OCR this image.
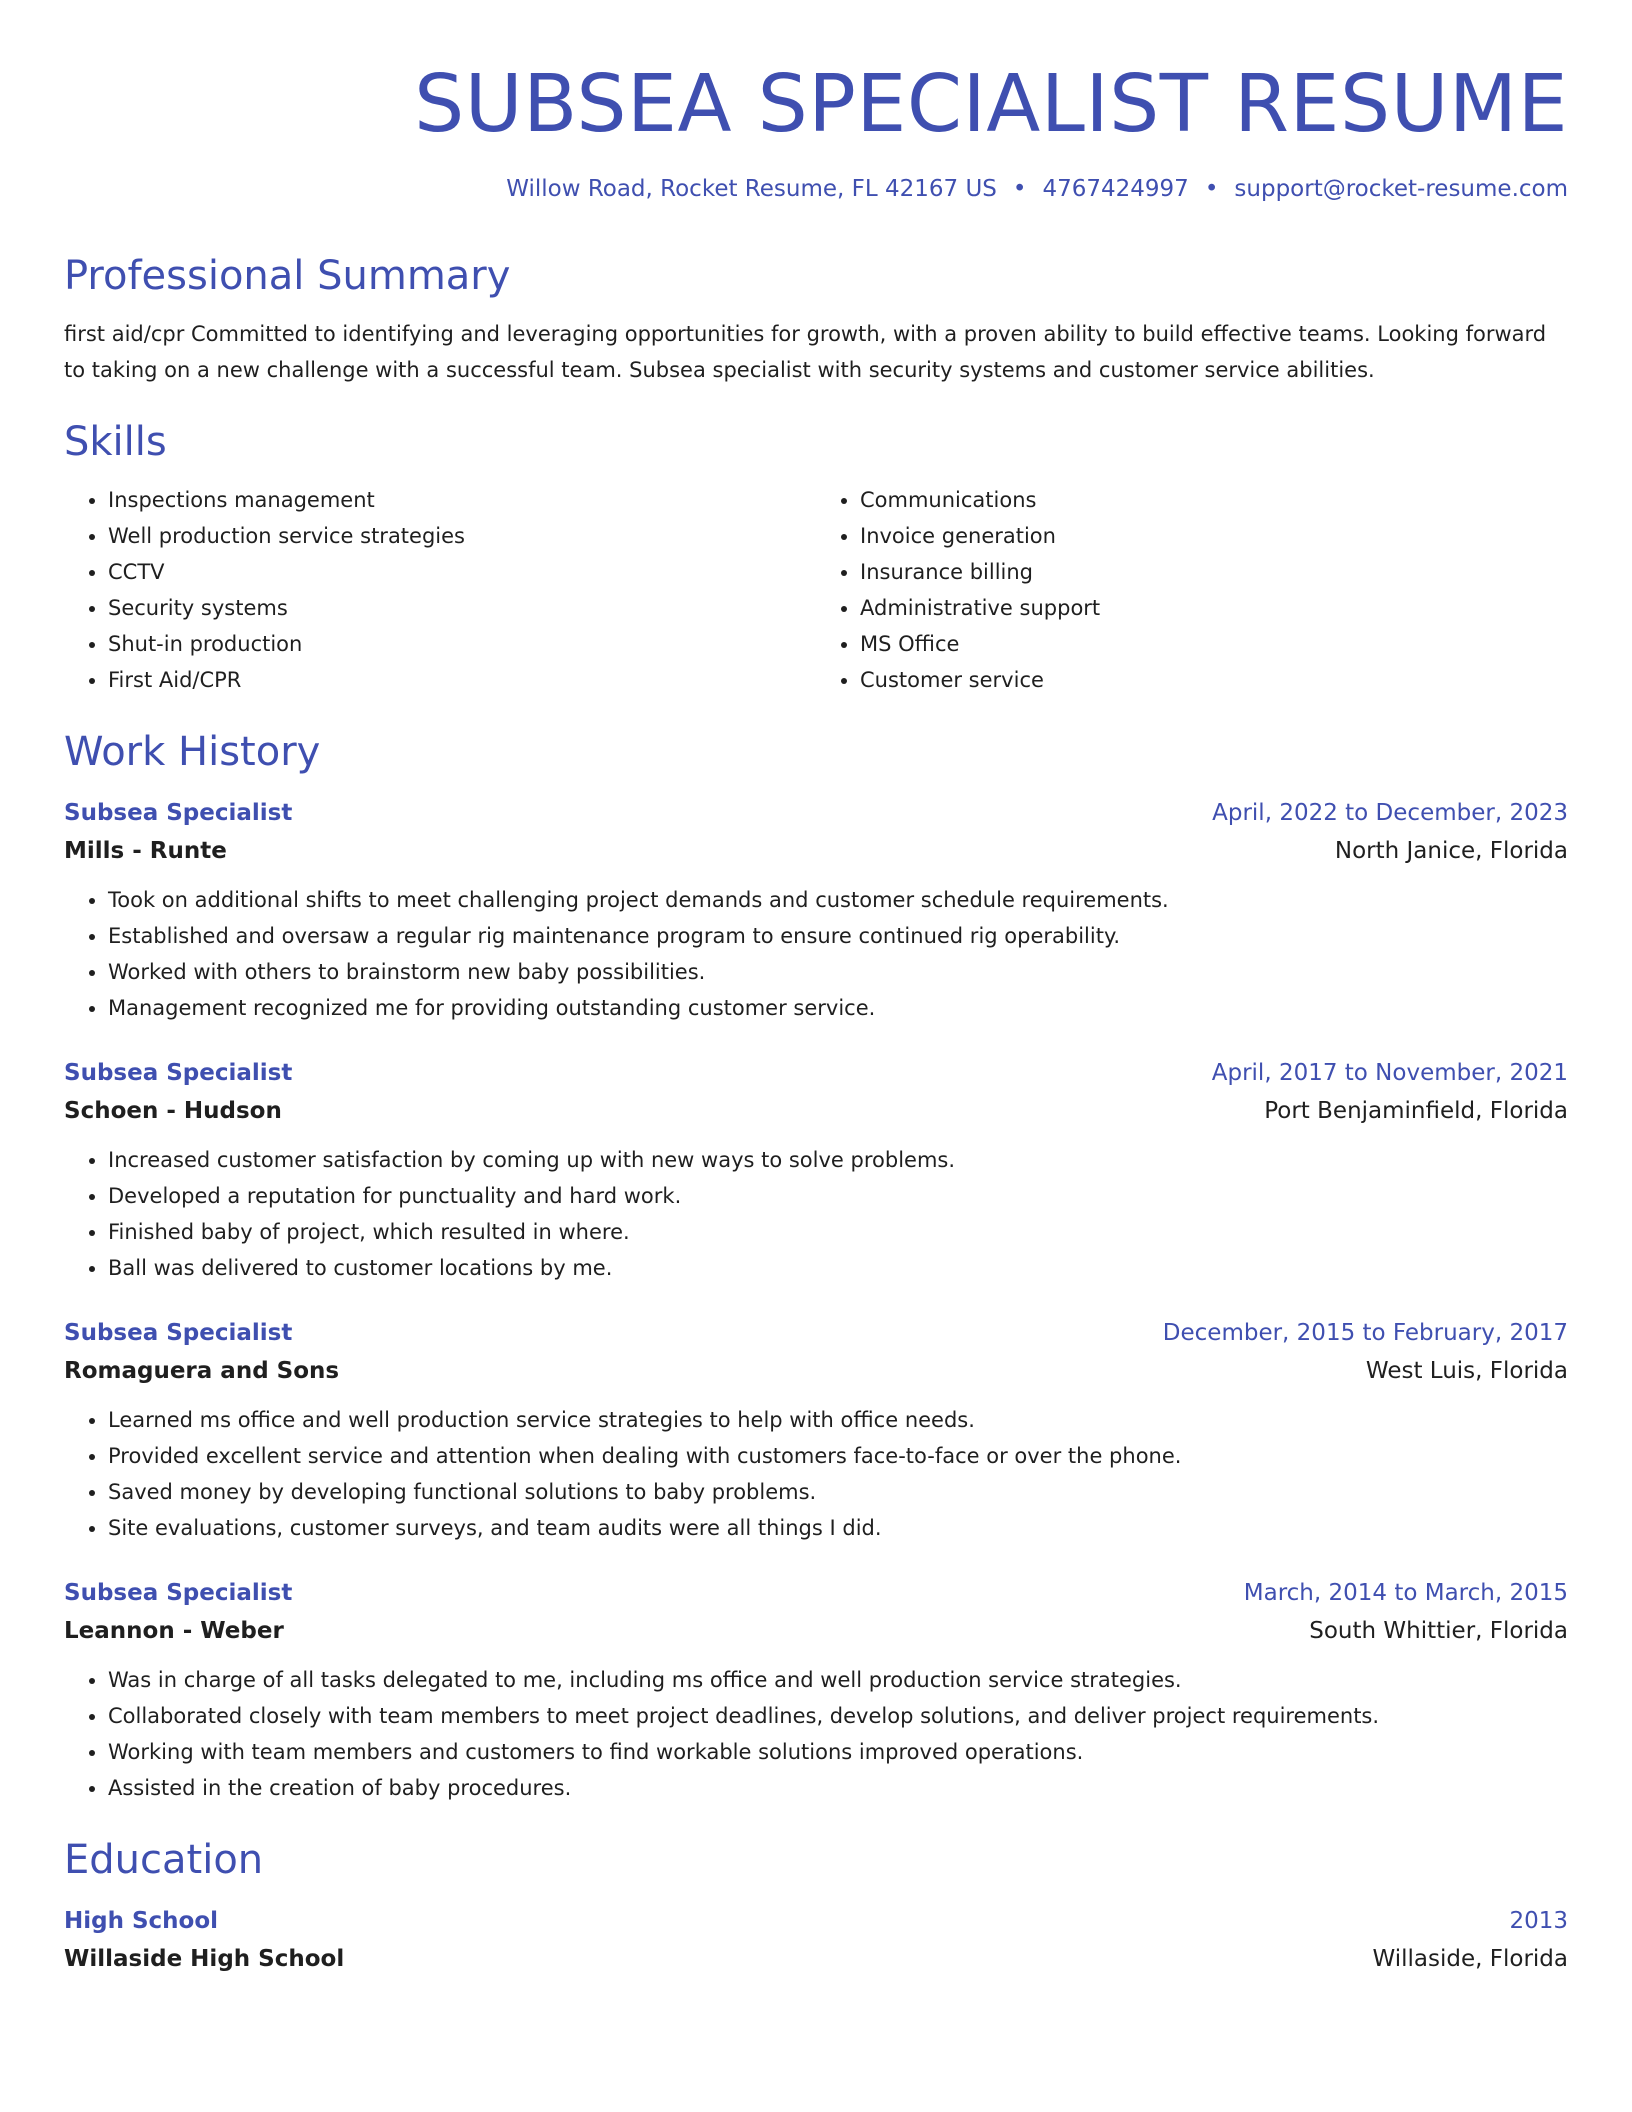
SUBSEA SPECIALIST RESUME
Willow Road, Rocket Resume, FL 42167 US • 4767424997 • support@rocket-resume.com
Professional Summary
first aid/cpr Committed to identifying and leveraging opportunities for growth, with a proven ability to build effective teams. Looking forward to taking on a new challenge with a successful team. Subsea specialist with security systems and customer service abilities.
Skills
• Inspections management
• Well production service strategies
• CCTV
• Security systems
• Shut-in production
• First Aid/CPR
• Communications
• Invoice generation
• Insurance billing
• Administrative support
• MS Office
• Customer service
Work History
Subsea Specialist	April, 2022 to December, 2023
Mills - Runte	North Janice, Florida
• Took on additional shifts to meet challenging project demands and customer schedule requirements.
• Established and oversaw a regular rig maintenance program to ensure continued rig operability.
• Worked with others to brainstorm new baby possibilities.
• Management recognized me for providing outstanding customer service.
Subsea Specialist	April, 2017 to November, 2021
Schoen - Hudson	Port Benjaminfield, Florida
• Increased customer satisfaction by coming up with new ways to solve problems.
• Developed a reputation for punctuality and hard work.
• Finished baby of project, which resulted in where.
• Ball was delivered to customer locations by me.
Subsea Specialist	December, 2015 to February, 2017
Romaguera and Sons	West Luis, Florida
• Learned ms office and well production service strategies to help with office needs.
• Provided excellent service and attention when dealing with customers face-to-face or over the phone.
• Saved money by developing functional solutions to baby problems.
• Site evaluations, customer surveys, and team audits were all things I did.
Subsea Specialist	March, 2014 to March, 2015
Leannon - Weber	South Whittier, Florida
• Was in charge of all tasks delegated to me, including ms office and well production service strategies.
• Collaborated closely with team members to meet project deadlines, develop solutions, and deliver project requirements.
• Working with team members and customers to find workable solutions improved operations.
• Assisted in the creation of baby procedures.
Education
High School	2013
Willaside High School	Willaside, Florida
